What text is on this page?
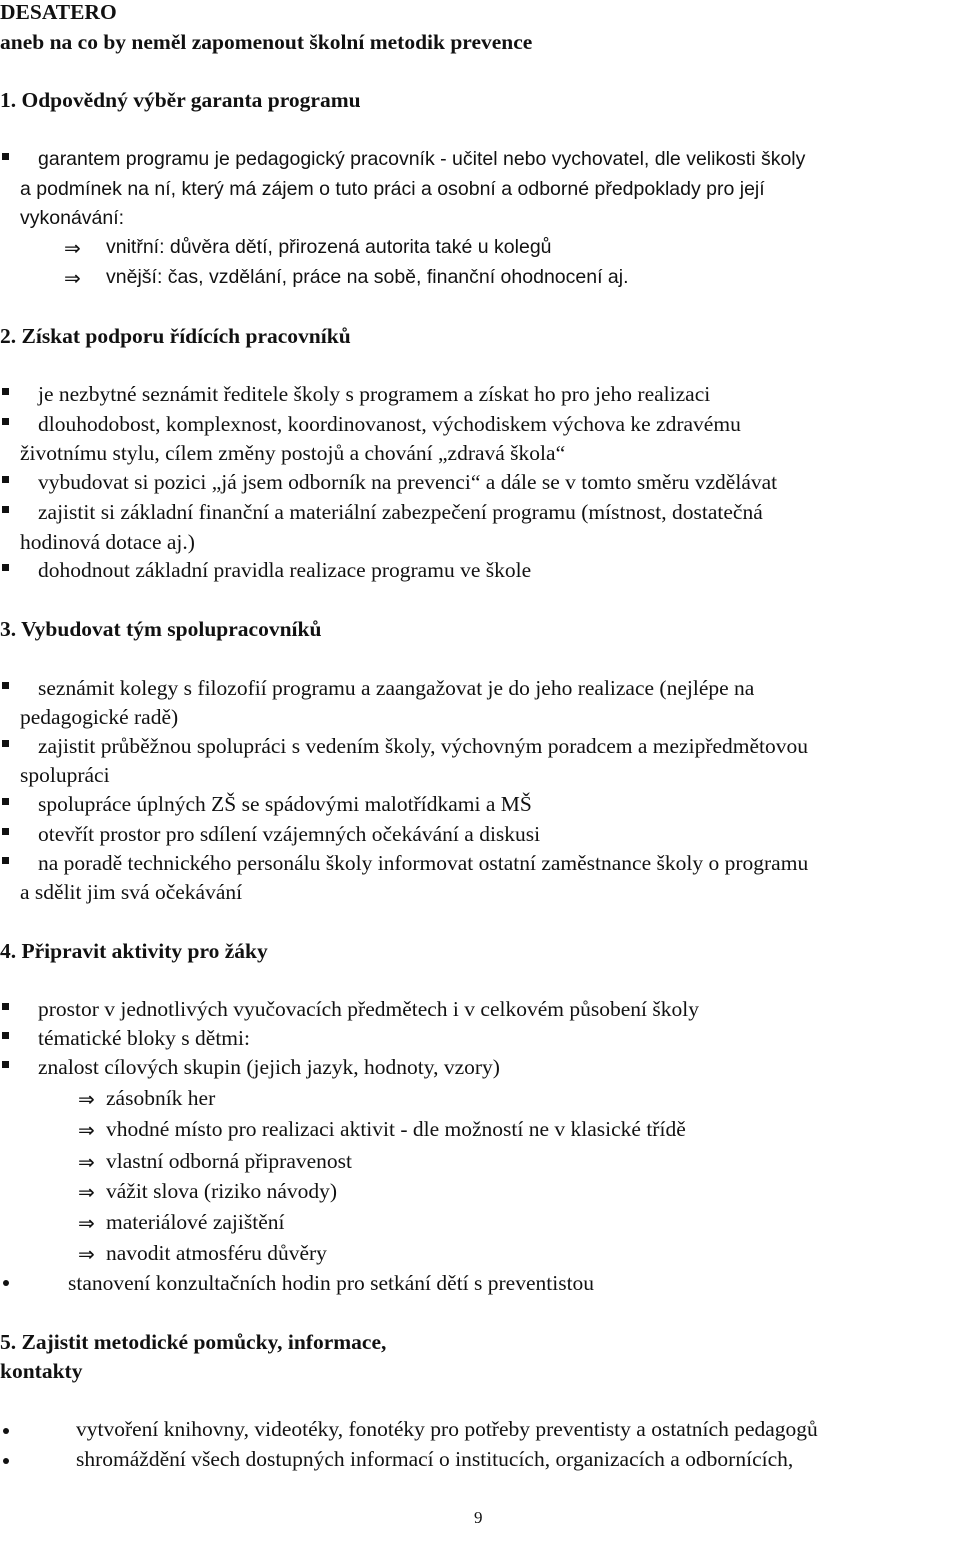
DESATERO
aneb na co by neměl zapomenout školní metodik prevence
1. Odpovědný výběr garanta programu
garantem programu je pedagogický pracovník - učitel nebo vychovatel, dle velikosti školy
a podmínek na ní, který má zájem o tuto práci a osobní a odborné předpoklady pro její
vykonávání:
⇒ vnitřní: důvěra dětí, přirozená autorita také u kolegů
⇒ vnější: čas, vzdělání, práce na sobě, finanční ohodnocení aj.
2. Získat podporu řídících pracovníků
je nezbytné seznámit ředitele školy s programem a získat ho pro jeho realizaci
dlouhodobost, komplexnost, koordinovanost, východiskem výchova ke zdravému
životnímu stylu, cílem změny postojů a chování „zdravá škola“
vybudovat si pozici „já jsem odborník na prevenci“ a dále se v tomto směru vzdělávat
zajistit si základní finanční a materiální zabezpečení programu (místnost, dostatečná
hodinová dotace aj.)
dohodnout základní pravidla realizace programu ve škole
3. Vybudovat tým spolupracovníků
seznámit kolegy s filozofií programu a zaangažovat je do jeho realizace (nejlépe na
pedagogické radě)
zajistit průběžnou spolupráci s vedením školy, výchovným poradcem a mezipředmětovou
spolupráci
spolupráce úplných ZŠ se spádovými malotřídkami a MŠ
otevřít prostor pro sdílení vzájemných očekávání a diskusi
na poradě technického personálu školy informovat ostatní zaměstnance školy o programu
a sdělit jim svá očekávání
4. Připravit aktivity pro žáky
prostor v jednotlivých vyučovacích předmětech i v celkovém působení školy
tématické bloky s dětmi:
znalost cílových skupin (jejich jazyk, hodnoty, vzory)
⇒ zásobník her
⇒ vhodné místo pro realizaci aktivit - dle možností ne v klasické třídě
⇒ vlastní odborná připravenost
⇒ vážit slova (riziko návody)
⇒ materiálové zajištění
⇒ navodit atmosféru důvěry
stanovení konzultačních hodin pro setkání dětí s preventistou
5. Zajistit metodické pomůcky, informace,
kontakty
vytvoření knihovny, videotéky, fonotéky pro potřeby preventisty a ostatních pedagogů
shromáždění všech dostupných informací o institucích, organizacích a odbornících,
9
